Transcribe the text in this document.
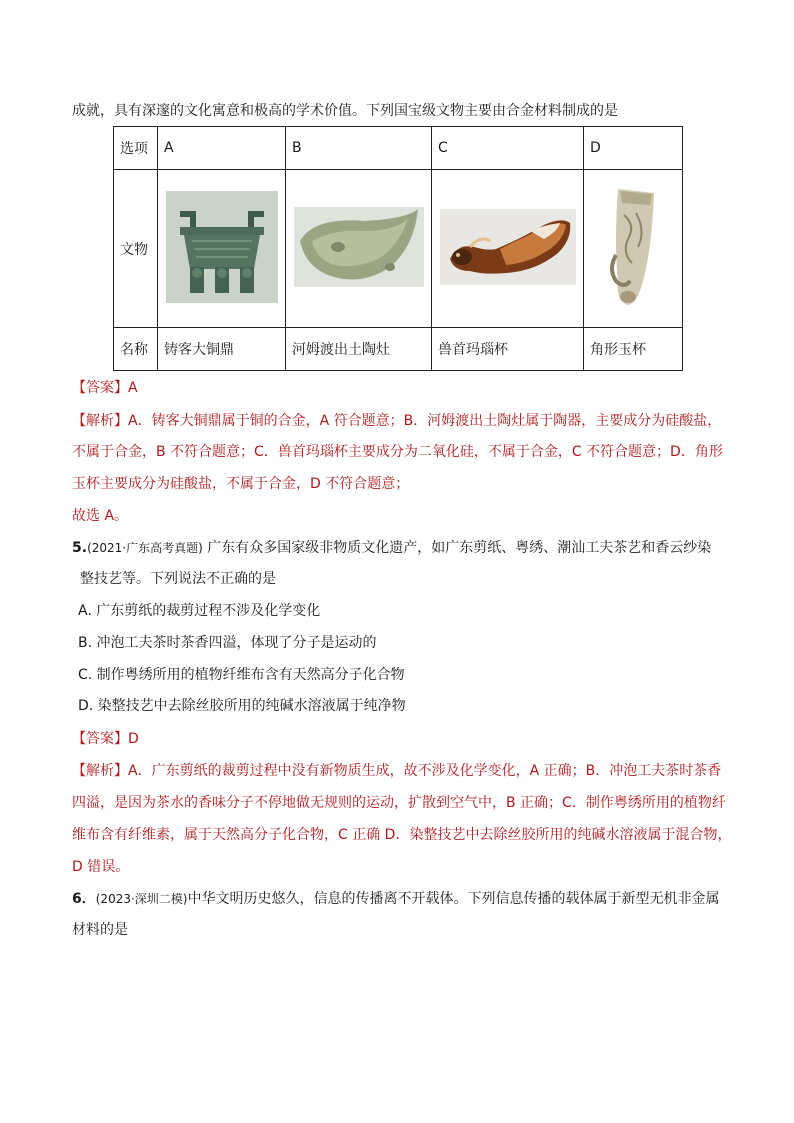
成就，具有深邃的文化寓意和极高的学术价值。下列国宝级文物主要由合金材料制成的是
选项	A	B	C	D
文物				
名称	铸客大铜鼎	河姆渡出土陶灶	兽首玛瑙杯	角形玉杯
【答案】A
【解析】A．铸客大铜鼎属于铜的合金，A 符合题意；B．河姆渡出土陶灶属于陶器，主要成分为硅酸盐，
不属于合金，B 不符合题意；C．兽首玛瑙杯主要成分为二氧化硅，不属于合金，C 不符合题意；D．角形
玉杯主要成分为硅酸盐，不属于合金，D 不符合题意；
故选 A。
5.(2021·广东高考真题) 广东有众多国家级非物质文化遗产，如广东剪纸、粤绣、潮汕工夫茶艺和香云纱染
整技艺等。下列说法不正确的是
A. 广东剪纸的裁剪过程不涉及化学变化
B. 冲泡工夫茶时茶香四溢，体现了分子是运动的
C. 制作粤绣所用的植物纤维布含有天然高分子化合物
D. 染整技艺中去除丝胶所用的纯碱水溶液属于纯净物
【答案】D
【解析】A．广东剪纸的裁剪过程中没有新物质生成，故不涉及化学变化，A 正确；B．冲泡工夫茶时茶香
四溢，是因为茶水的香味分子不停地做无规则的运动，扩散到空气中，B 正确；C．制作粤绣所用的植物纤
维布含有纤维素，属于天然高分子化合物，C 正确 D．染整技艺中去除丝胶所用的纯碱水溶液属于混合物，
D 错误。
6．(2023·深圳二模)中华文明历史悠久，信息的传播离不开载体。下列信息传播的载体属于新型无机非金属
材料的是
